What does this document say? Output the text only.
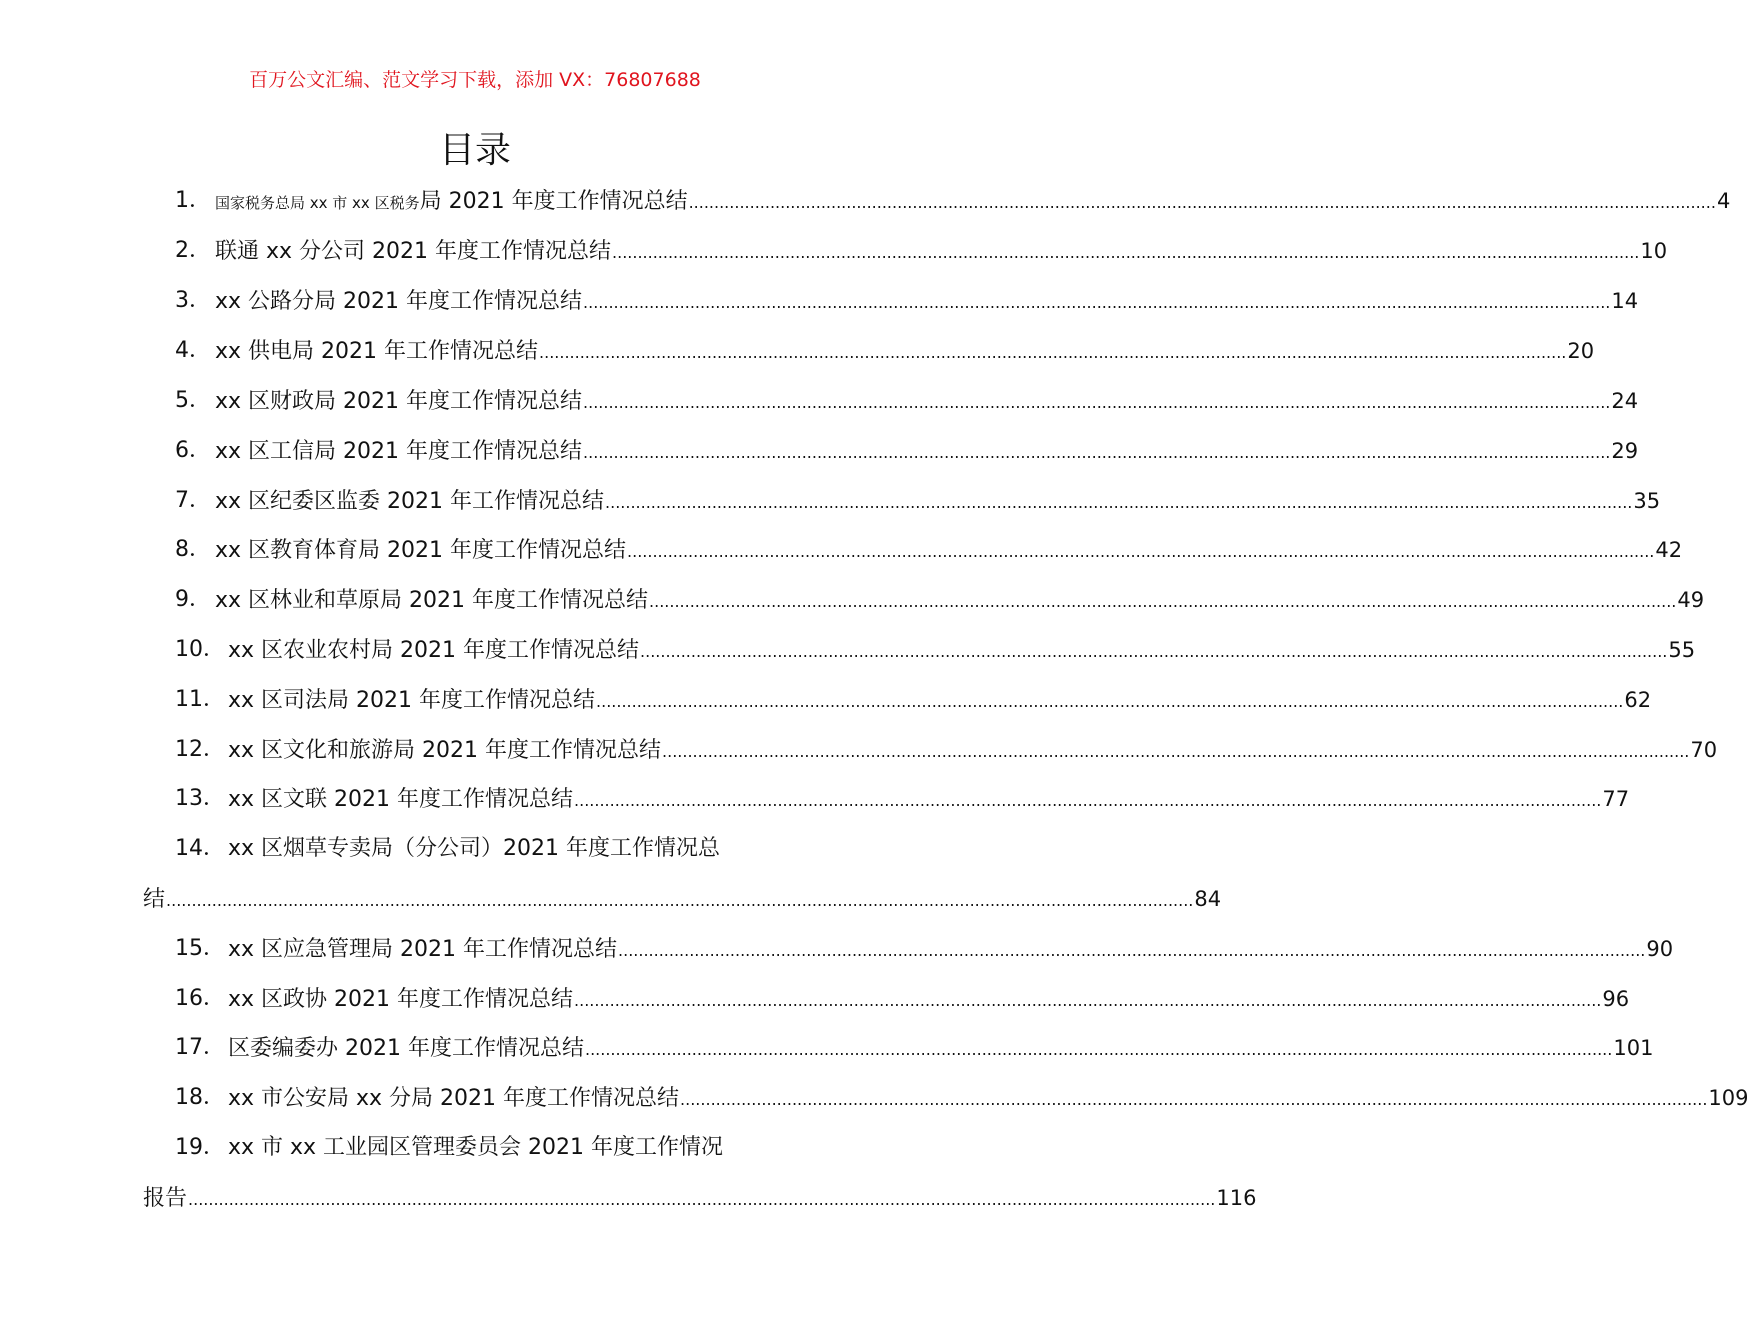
百万公文汇编、范文学习下载，添加 VX：76807688
目录
1． 国家税务总局 xx 市 xx 区税务局 2021 年度工作情况总结 .......................................................................................................................................................................................................... 4
2． 联通 xx 分公司 2021 年度工作情况总结 .......................................................................................................................................................................................................... 10
3． xx 公路分局 2021 年度工作情况总结 .......................................................................................................................................................................................................... 14
4． xx 供电局 2021 年工作情况总结 .......................................................................................................................................................................................................... 20
5． xx 区财政局 2021 年度工作情况总结 .......................................................................................................................................................................................................... 24
6． xx 区工信局 2021 年度工作情况总结 .......................................................................................................................................................................................................... 29
7． xx 区纪委区监委 2021 年工作情况总结 .......................................................................................................................................................................................................... 35
8． xx 区教育体育局 2021 年度工作情况总结 .......................................................................................................................................................................................................... 42
9． xx 区林业和草原局 2021 年度工作情况总结 .......................................................................................................................................................................................................... 49
10． xx 区农业农村局 2021 年度工作情况总结 .......................................................................................................................................................................................................... 55
11． xx 区司法局 2021 年度工作情况总结 .......................................................................................................................................................................................................... 62
12． xx 区文化和旅游局 2021 年度工作情况总结 .......................................................................................................................................................................................................... 70
13． xx 区文联 2021 年度工作情况总结 .......................................................................................................................................................................................................... 77
14． xx 区烟草专卖局（分公司）2021 年度工作情况总
结 .......................................................................................................................................................................................................... 84
15． xx 区应急管理局 2021 年工作情况总结 .......................................................................................................................................................................................................... 90
16． xx 区政协 2021 年度工作情况总结 .......................................................................................................................................................................................................... 96
17． 区委编委办 2021 年度工作情况总结 .......................................................................................................................................................................................................... 101
18． xx 市公安局 xx 分局 2021 年度工作情况总结 .......................................................................................................................................................................................................... 109
19． xx 市 xx 工业园区管理委员会 2021 年度工作情况
报告 .......................................................................................................................................................................................................... 116
